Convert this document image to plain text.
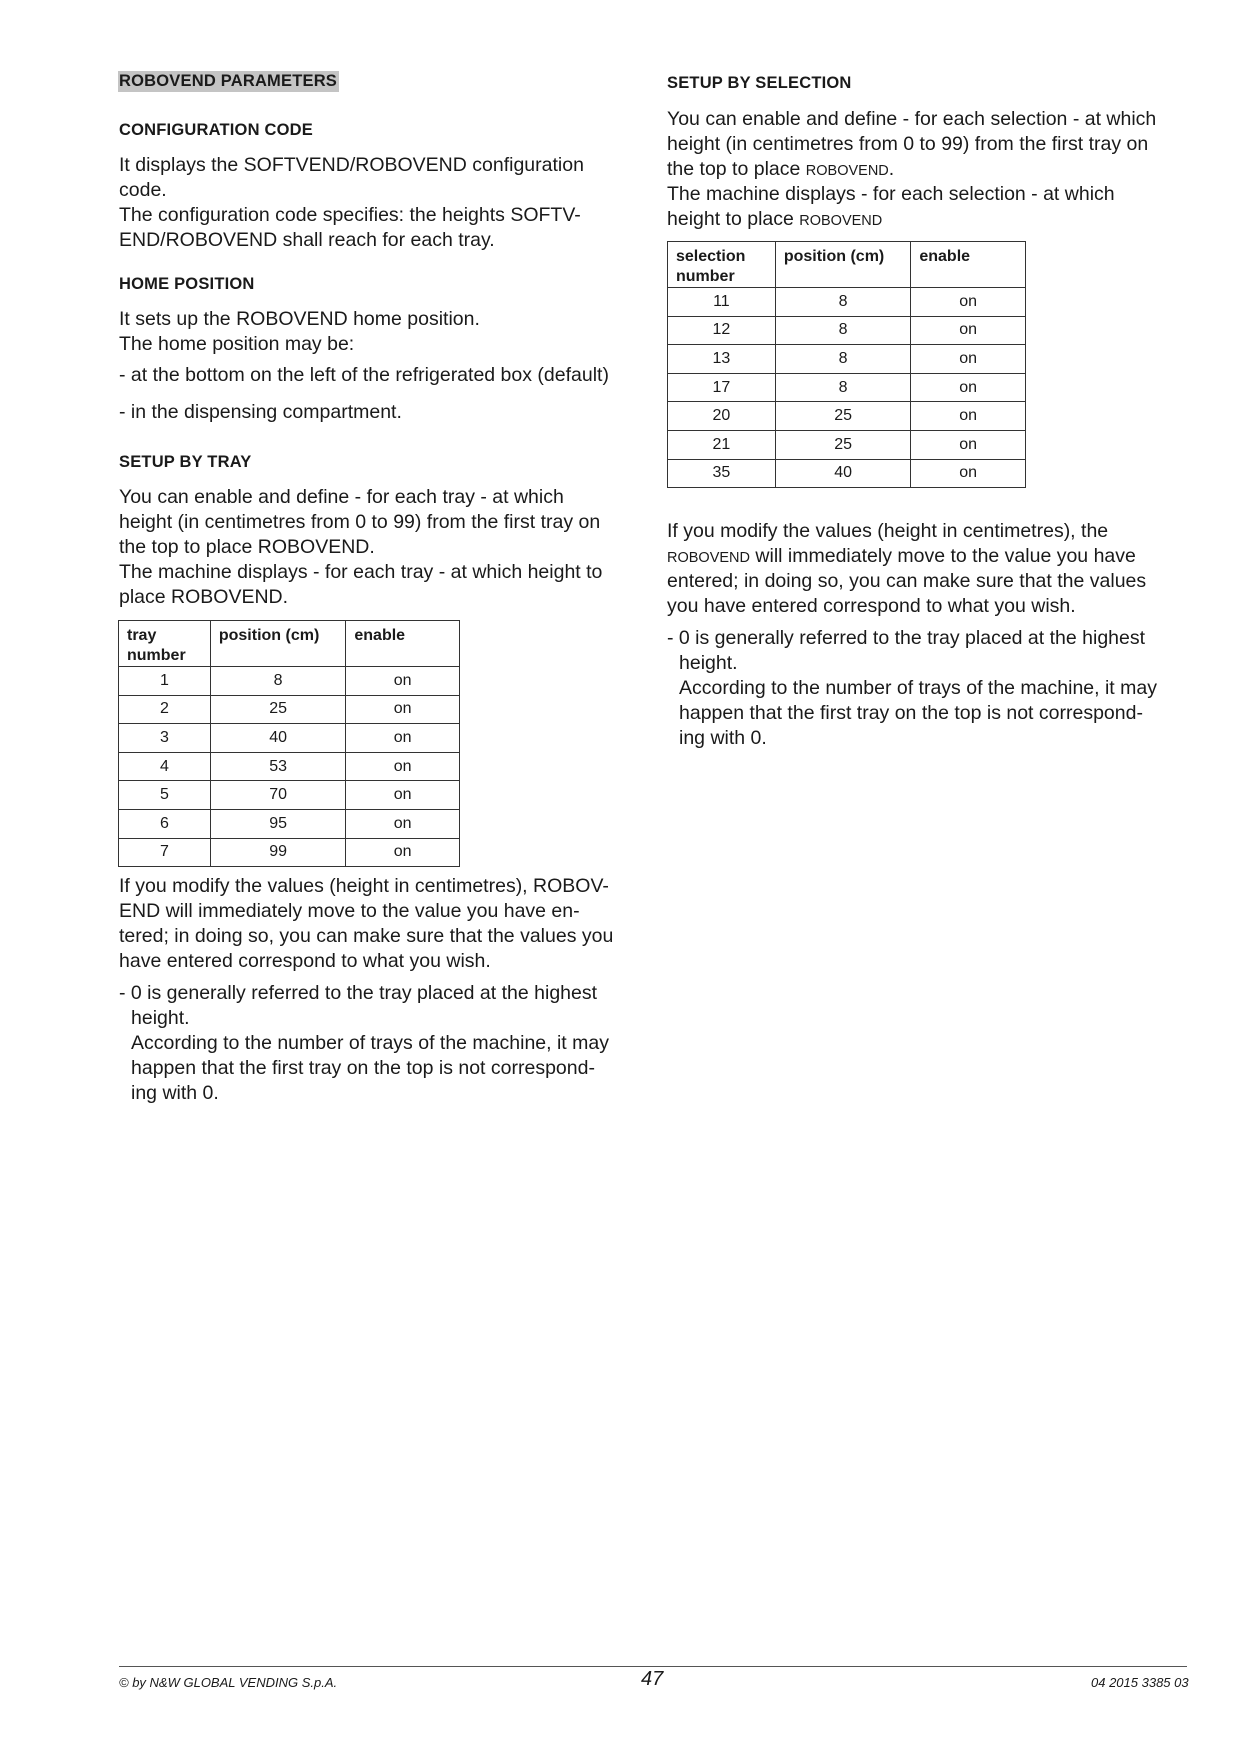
ROBOVEND PARAMETERS
CONFIGURATION CODE
It displays the SOFTVEND/ROBOVEND configuration
code.
The configuration code specifies: the heights SOFTV-
END/ROBOVEND shall reach for each tray.
HOME POSITION
It sets up the ROBOVEND home position.
The home position may be:
- at the bottom on the left of the refrigerated box (default)
- in the dispensing compartment.
SETUP BY TRAY
You can enable and define - for each tray - at which
height (in centimetres from 0 to 99) from the first tray on
the top to place ROBOVEND.
The machine displays - for each tray - at which height to
place ROBOVEND.
tray
number	position (cm)	enable

1	8	on
2	25	on
3	40	on
4	53	on
5	70	on
6	95	on
7	99	on
If you modify the values (height in centimetres), ROBOV-
END will immediately move to the value you have en-
tered; in doing so, you can make sure that the values you
have entered correspond to what you wish.
- 0 is generally referred to the tray placed at the highest
height.
According to the number of trays of the machine, it may
happen that the first tray on the top is not correspond-
ing with 0.
SETUP BY SELECTION
You can enable and define - for each selection - at which
height (in centimetres from 0 to 99) from the first tray on
the top to place ROBOVEND.
The machine displays - for each selection - at which
height to place ROBOVEND
selection
number	position (cm)	enable

11	8	on
12	8	on
13	8	on
17	8	on
20	25	on
21	25	on
35	40	on
If you modify the values (height in centimetres), the
ROBOVEND will immediately move to the value you have
entered; in doing so, you can make sure that the values
you have entered correspond to what you wish.
- 0 is generally referred to the tray placed at the highest
height.
According to the number of trays of the machine, it may
happen that the first tray on the top is not correspond-
ing with 0.
© by N&W GLOBAL VENDING S.p.A.	47	04 2015 3385 03
